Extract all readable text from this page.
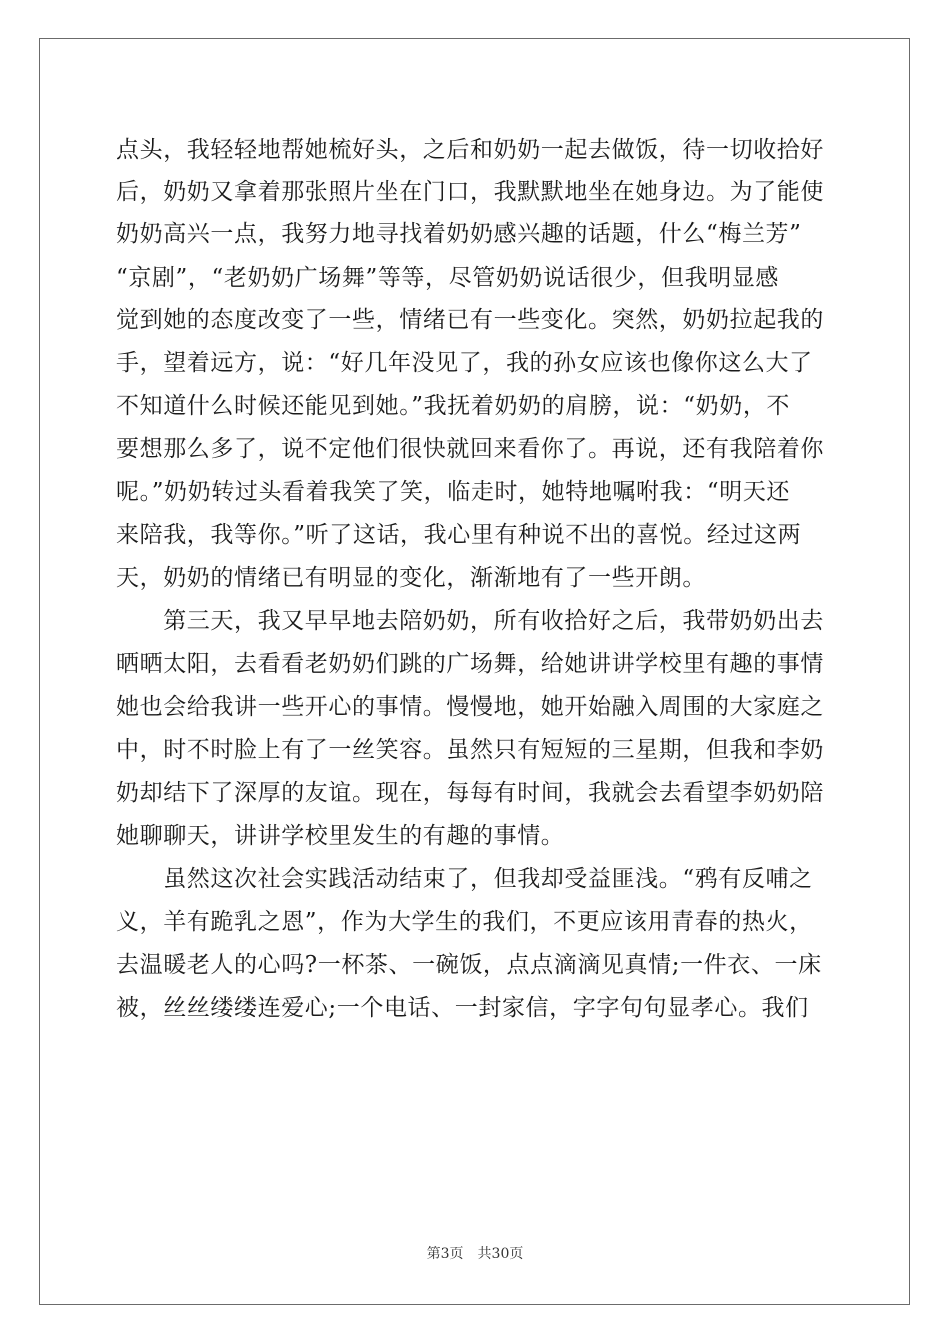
点头，我轻轻地帮她梳好头，之后和奶奶一起去做饭，待一切收拾好
后，奶奶又拿着那张照片坐在门口，我默默地坐在她身边。为了能使
奶奶高兴一点，我努力地寻找着奶奶感兴趣的话题，什么“梅兰芳”
“京剧”，“老奶奶广场舞”等等，尽管奶奶说话很少，但我明显感
觉到她的态度改变了一些，情绪已有一些变化。突然，奶奶拉起我的
手，望着远方，说：“好几年没见了，我的孙女应该也像你这么大了
不知道什么时候还能见到她。”我抚着奶奶的肩膀，说：“奶奶，不
要想那么多了，说不定他们很快就回来看你了。再说，还有我陪着你
呢。”奶奶转过头看着我笑了笑，临走时，她特地嘱咐我：“明天还
来陪我，我等你。”听了这话，我心里有种说不出的喜悦。经过这两
天，奶奶的情绪已有明显的变化，渐渐地有了一些开朗。
　　第三天，我又早早地去陪奶奶，所有收拾好之后，我带奶奶出去
晒晒太阳，去看看老奶奶们跳的广场舞，给她讲讲学校里有趣的事情
她也会给我讲一些开心的事情。慢慢地，她开始融入周围的大家庭之
中，时不时脸上有了一丝笑容。虽然只有短短的三星期，但我和李奶
奶却结下了深厚的友谊。现在，每每有时间，我就会去看望李奶奶陪
她聊聊天，讲讲学校里发生的有趣的事情。
　　虽然这次社会实践活动结束了，但我却受益匪浅。“鸦有反哺之
义，羊有跪乳之恩”，作为大学生的我们，不更应该用青春的热火，
去温暖老人的心吗?一杯茶、一碗饭，点点滴滴见真情;一件衣、一床
被，丝丝缕缕连爱心;一个电话、一封家信，字字句句显孝心。我们
第3页　共30页
